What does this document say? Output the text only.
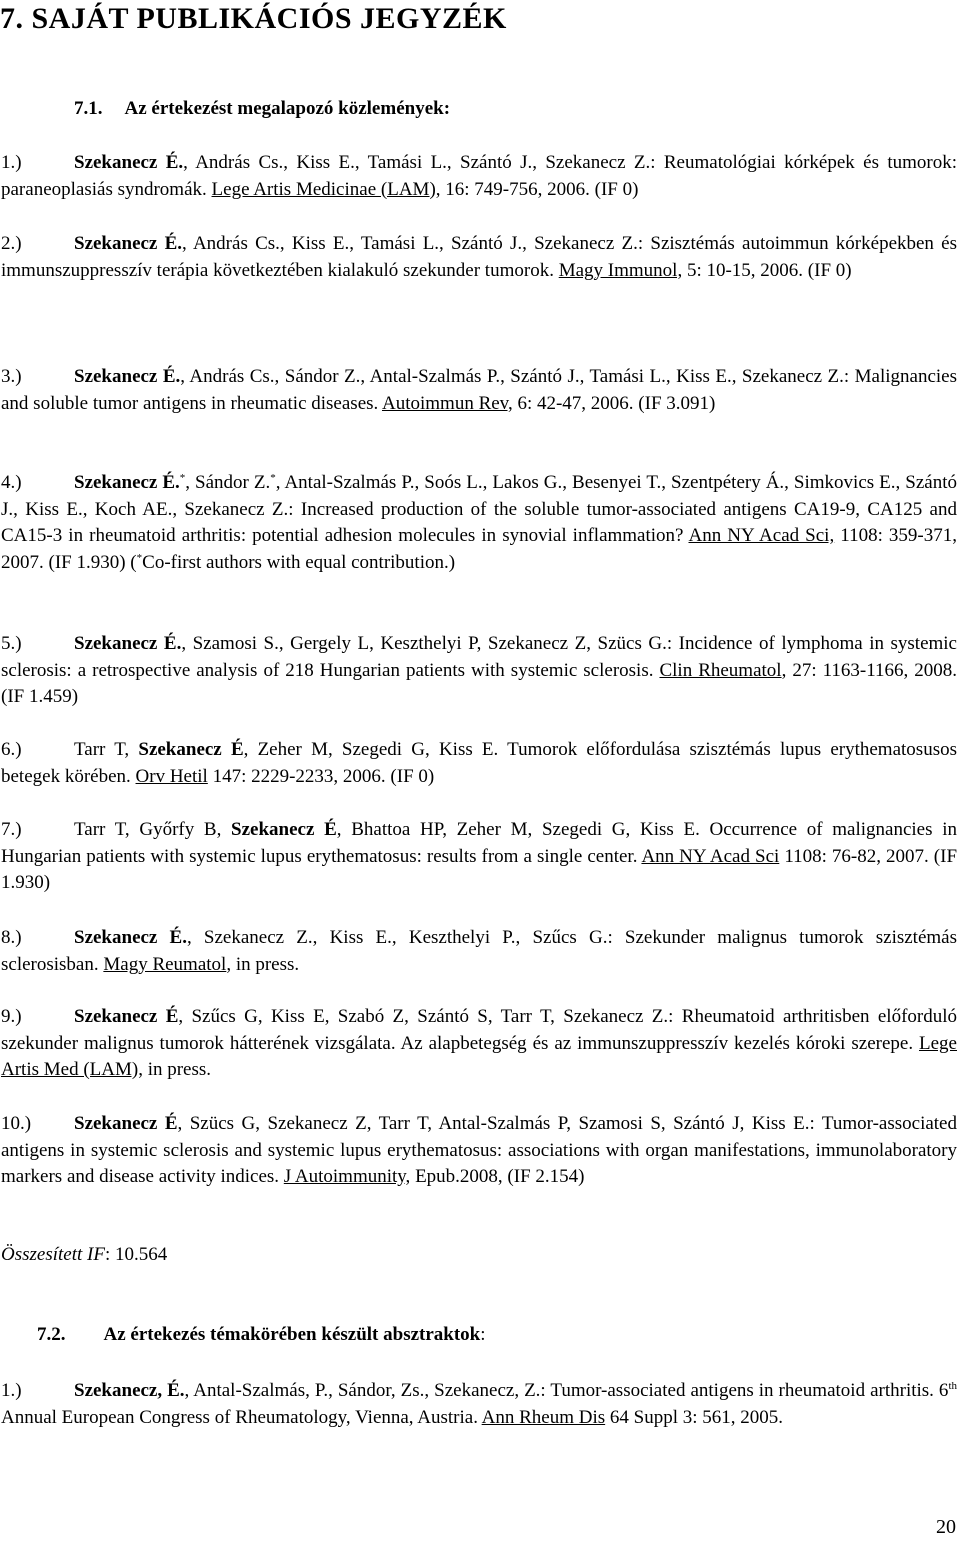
7. SAJÁT PUBLIKÁCIÓS JEGYZÉK

7.1. Az értekezést megalapozó közlemények:

1.)	Szekanecz É., András Cs., Kiss E., Tamási L., Szántó J., Szekanecz Z.: Reumatológiai kórképek és tumorok: paraneoplasiás syndromák. Lege Artis Medicinae (LAM), 16: 749-756, 2006. (IF 0)

2.)	Szekanecz É., András Cs., Kiss E., Tamási L., Szántó J., Szekanecz Z.: Szisztémás autoimmun kórképekben és immunszuppresszív terápia következtében kialakuló szekunder tumorok. Magy Immunol, 5: 10-15, 2006. (IF 0)

3.)	Szekanecz É., András Cs., Sándor Z., Antal-Szalmás P., Szántó J., Tamási L., Kiss E., Szekanecz Z.: Malignancies and soluble tumor antigens in rheumatic diseases. Autoimmun Rev, 6: 42-47, 2006. (IF 3.091)

4.)	Szekanecz É.*, Sándor Z.*, Antal-Szalmás P., Soós L., Lakos G., Besenyei T., Szentpétery Á., Simkovics E., Szántó J., Kiss E., Koch AE., Szekanecz Z.: Increased production of the soluble tumor-associated antigens CA19-9, CA125 and CA15-3 in rheumatoid arthritis: potential adhesion molecules in synovial inflammation? Ann NY Acad Sci, 1108: 359-371, 2007. (IF 1.930) (*Co-first authors with equal contribution.)

5.)	Szekanecz É., Szamosi S., Gergely L, Keszthelyi P, Szekanecz Z, Szücs G.: Incidence of lymphoma in systemic sclerosis: a retrospective analysis of 218 Hungarian patients with systemic sclerosis. Clin Rheumatol, 27: 1163-1166, 2008. (IF 1.459)

6.)	Tarr T, Szekanecz É, Zeher M, Szegedi G, Kiss E. Tumorok előfordulása szisztémás lupus erythematosusos betegek körében. Orv Hetil 147: 2229-2233, 2006. (IF 0)

7.)	Tarr T, Győrfy B, Szekanecz É, Bhattoa HP, Zeher M, Szegedi G, Kiss E. Occurrence of malignancies in Hungarian patients with systemic lupus erythematosus: results from a single center. Ann NY Acad Sci 1108: 76-82, 2007. (IF 1.930)

8.)	Szekanecz É., Szekanecz Z., Kiss E., Keszthelyi P., Szűcs G.: Szekunder malignus tumorok szisztémás sclerosisban. Magy Reumatol, in press.

9.)	Szekanecz É, Szűcs G, Kiss E, Szabó Z, Szántó S, Tarr T, Szekanecz Z.: Rheumatoid arthritisben előforduló szekunder malignus tumorok hátterének vizsgálata. Az alapbetegség és az immunszuppresszív kezelés kóroki szerepe. Lege Artis Med (LAM), in press.

10.) Szekanecz É, Szücs G, Szekanecz Z, Tarr T, Antal-Szalmás P, Szamosi S, Szántó J, Kiss E.: Tumor-associated antigens in systemic sclerosis and systemic lupus erythematosus: associations with organ manifestations, immunolaboratory markers and disease activity indices. J Autoimmunity, Epub.2008, (IF 2.154)

Összesített IF: 10.564

7.2. Az értekezés témakörében készült absztraktok:

1.)	Szekanecz, É., Antal-Szalmás, P., Sándor, Zs., Szekanecz, Z.: Tumor-associated antigens in rheumatoid arthritis. 6th Annual European Congress of Rheumatology, Vienna, Austria. Ann Rheum Dis 64 Suppl 3: 561, 2005.

20
